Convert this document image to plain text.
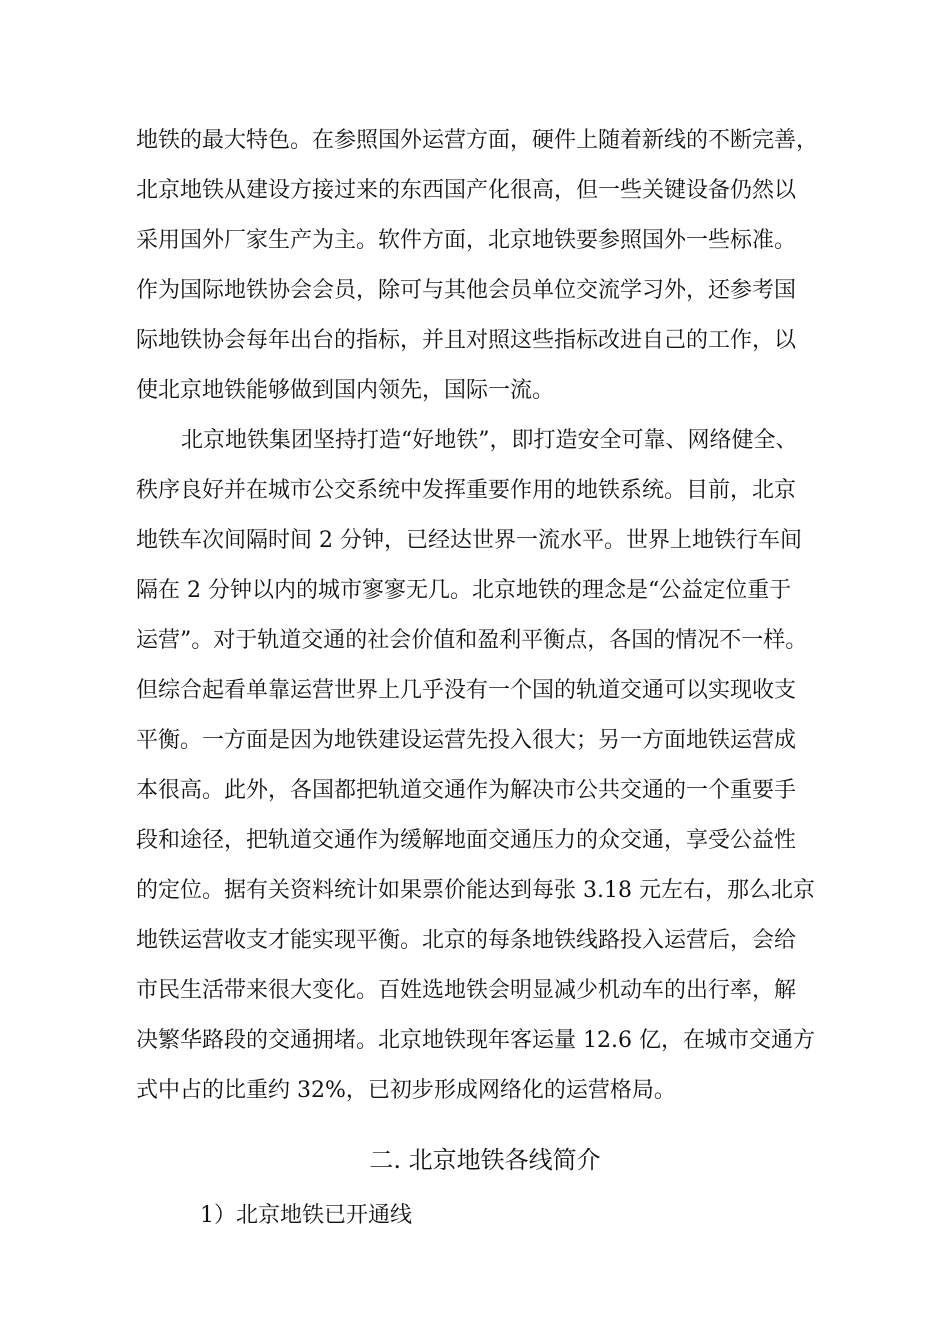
地铁的最大特色。在参照国外运营方面，硬件上随着新线的不断完善，
北京地铁从建设方接过来的东西国产化很高，但一些关键设备仍然以
采用国外厂家生产为主。软件方面，北京地铁要参照国外一些标准。
作为国际地铁协会会员，除可与其他会员单位交流学习外，还参考国
际地铁协会每年出台的指标，并且对照这些指标改进自己的工作，以
使北京地铁能够做到国内领先，国际一流。
北京地铁集团坚持打造“好地铁”，即打造安全可靠、网络健全、
秩序良好并在城市公交系统中发挥重要作用的地铁系统。目前，北京
地铁车次间隔时间 2 分钟，已经达世界一流水平。世界上地铁行车间
隔在 2 分钟以内的城市寥寥无几。北京地铁的理念是“公益定位重于
运营”。对于轨道交通的社会价值和盈利平衡点，各国的情况不一样。
但综合起看单靠运营世界上几乎没有一个国的轨道交通可以实现收支
平衡。一方面是因为地铁建设运营先投入很大；另一方面地铁运营成
本很高。此外，各国都把轨道交通作为解决市公共交通的一个重要手
段和途径，把轨道交通作为缓解地面交通压力的众交通，享受公益性
的定位。据有关资料统计如果票价能达到每张 3.18 元左右，那么北京
地铁运营收支才能实现平衡。北京的每条地铁线路投入运营后，会给
市民生活带来很大变化。百姓选地铁会明显减少机动车的出行率，解
决繁华路段的交通拥堵。北京地铁现年客运量 12.6 亿，在城市交通方
式中占的比重约 32%，已初步形成网络化的运营格局。
二. 北京地铁各线简介
1）北京地铁已开通线
